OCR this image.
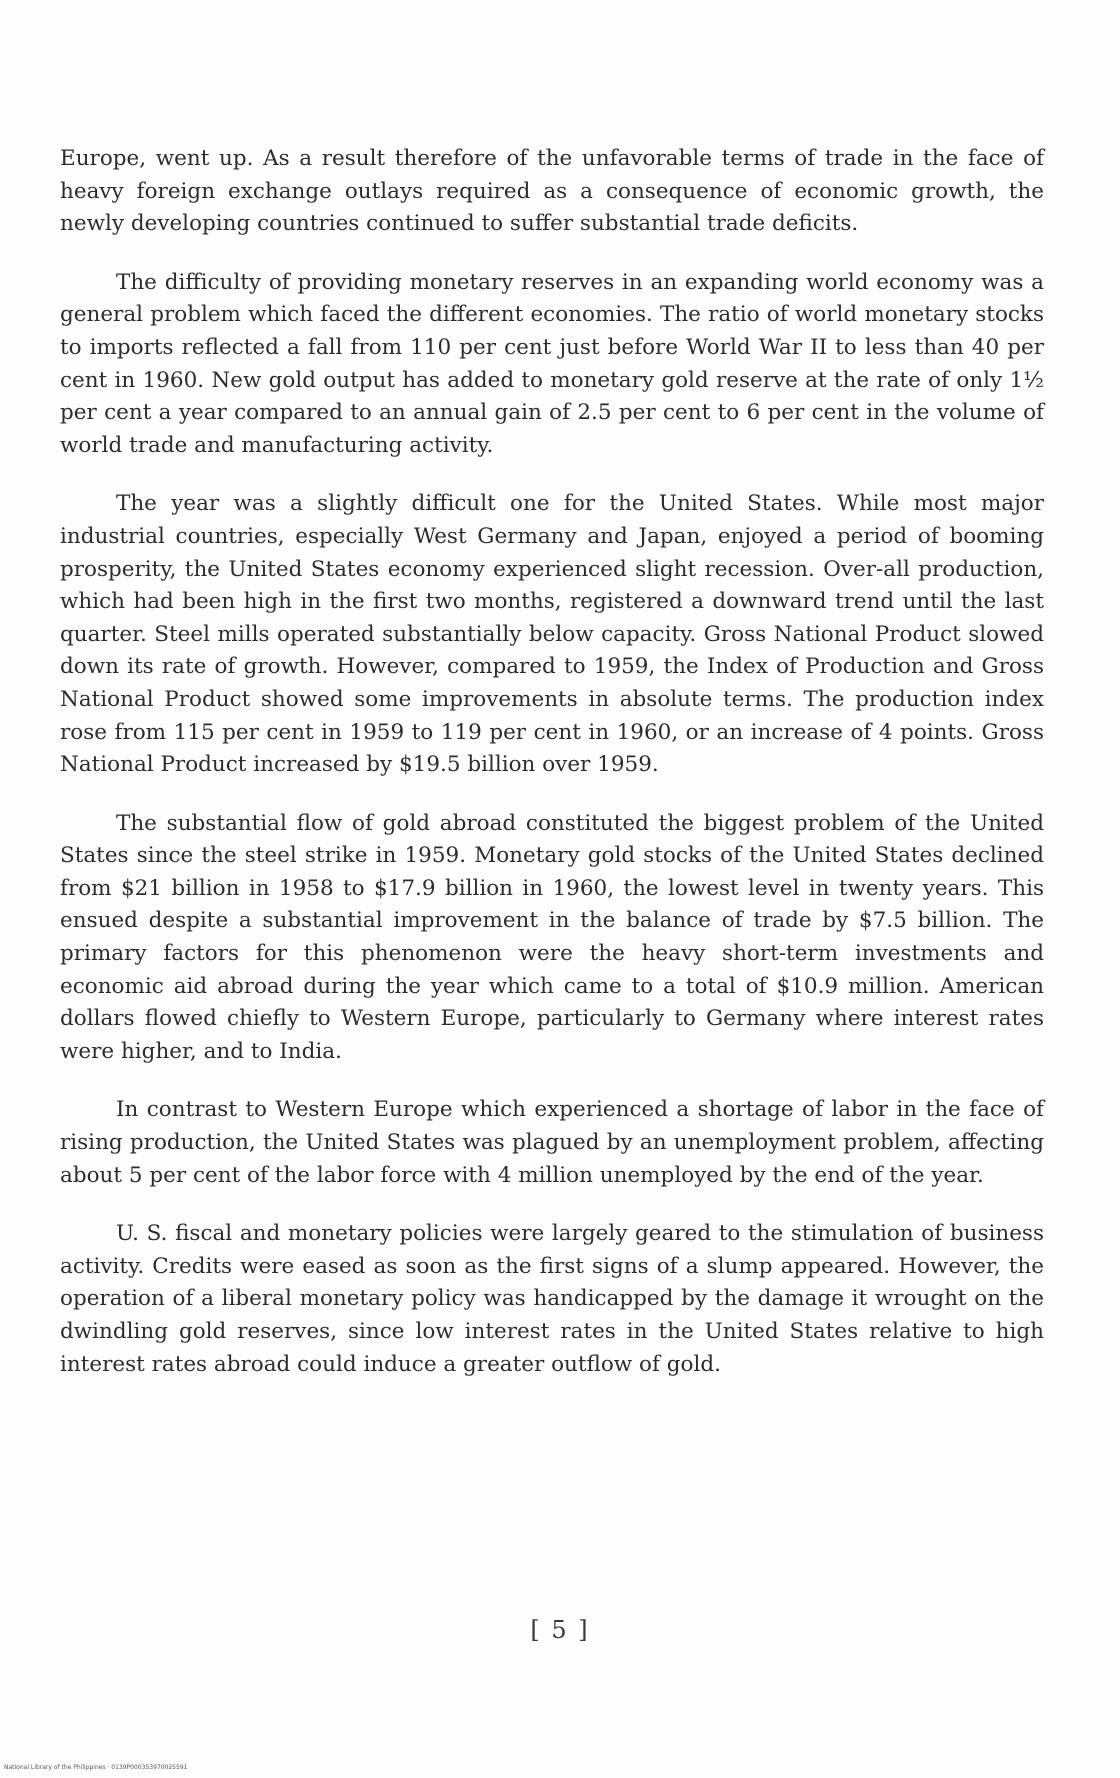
Europe, went up. As a result therefore of the unfavorable terms of trade in the face of heavy foreign exchange outlays required as a consequence of economic growth, the newly developing countries continued to suffer substantial trade deficits.

The difficulty of providing monetary reserves in an expanding world economy was a general problem which faced the different economies. The ratio of world monetary stocks to imports reflected a fall from 110 per cent just before World War II to less than 40 per cent in 1960. New gold output has added to monetary gold reserve at the rate of only 1½ per cent a year compared to an annual gain of 2.5 per cent to 6 per cent in the volume of world trade and manufacturing activity.

The year was a slightly difficult one for the United States. While most major industrial countries, especially West Germany and Japan, enjoyed a period of booming prosperity, the United States economy experienced slight recession. Over-all production, which had been high in the first two months, registered a downward trend until the last quarter. Steel mills operated substantially below capacity. Gross National Product slowed down its rate of growth. However, compared to 1959, the Index of Production and Gross National Product showed some improvements in absolute terms. The production index rose from 115 per cent in 1959 to 119 per cent in 1960, or an increase of 4 points. Gross National Product increased by $19.5 billion over 1959.

The substantial flow of gold abroad constituted the biggest problem of the United States since the steel strike in 1959. Monetary gold stocks of the United States declined from $21 billion in 1958 to $17.9 billion in 1960, the lowest level in twenty years. This ensued despite a substantial improvement in the balance of trade by $7.5 billion. The primary factors for this phenomenon were the heavy short-term investments and economic aid abroad during the year which came to a total of $10.9 million. American dollars flowed chiefly to Western Europe, particularly to Germany where interest rates were higher, and to India.

In contrast to Western Europe which experienced a shortage of labor in the face of rising production, the United States was plagued by an unemployment problem, affecting about 5 per cent of the labor force with 4 million unemployed by the end of the year.

U. S. fiscal and monetary policies were largely geared to the stimulation of business activity. Credits were eased as soon as the first signs of a slump appeared. However, the operation of a liberal monetary policy was handicapped by the damage it wrought on the dwindling gold reserves, since low interest rates in the United States relative to high interest rates abroad could induce a greater outflow of gold.

[ 5 ]
National Library of the Philippines · 0139P000353970025591
